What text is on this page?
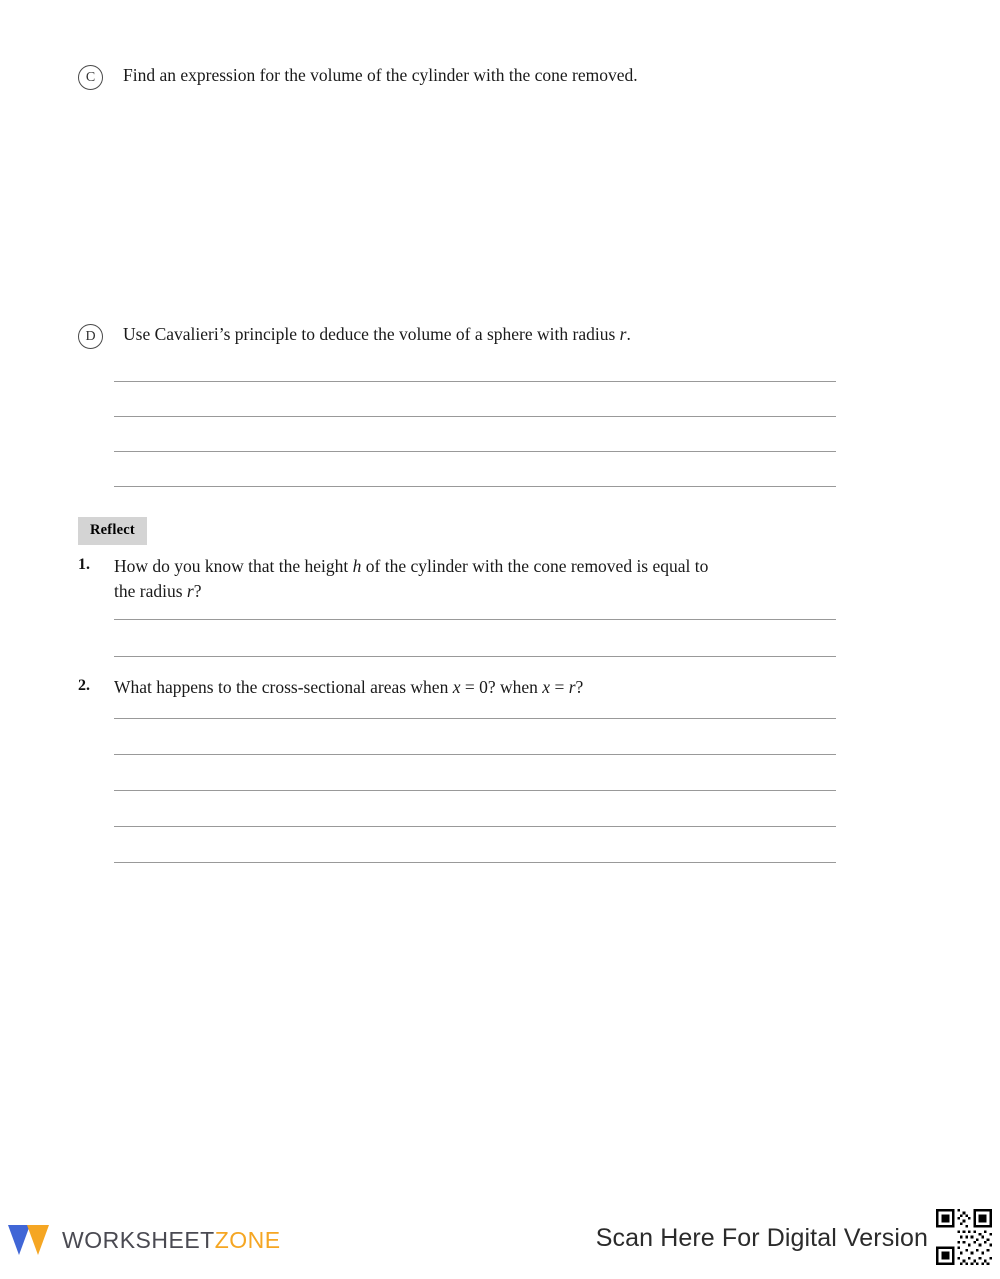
C	Find an expression for the volume of the cylinder with the cone removed.
D	Use Cavalieri’s principle to deduce the volume of a sphere with radius r.
Reflect
1. How do you know that the height h of the cylinder with the cone removed is equal to
the radius r?
2. What happens to the cross-sectional areas when x = 0? when x = r?
WORKSHEETZONE	Scan Here For Digital Version
